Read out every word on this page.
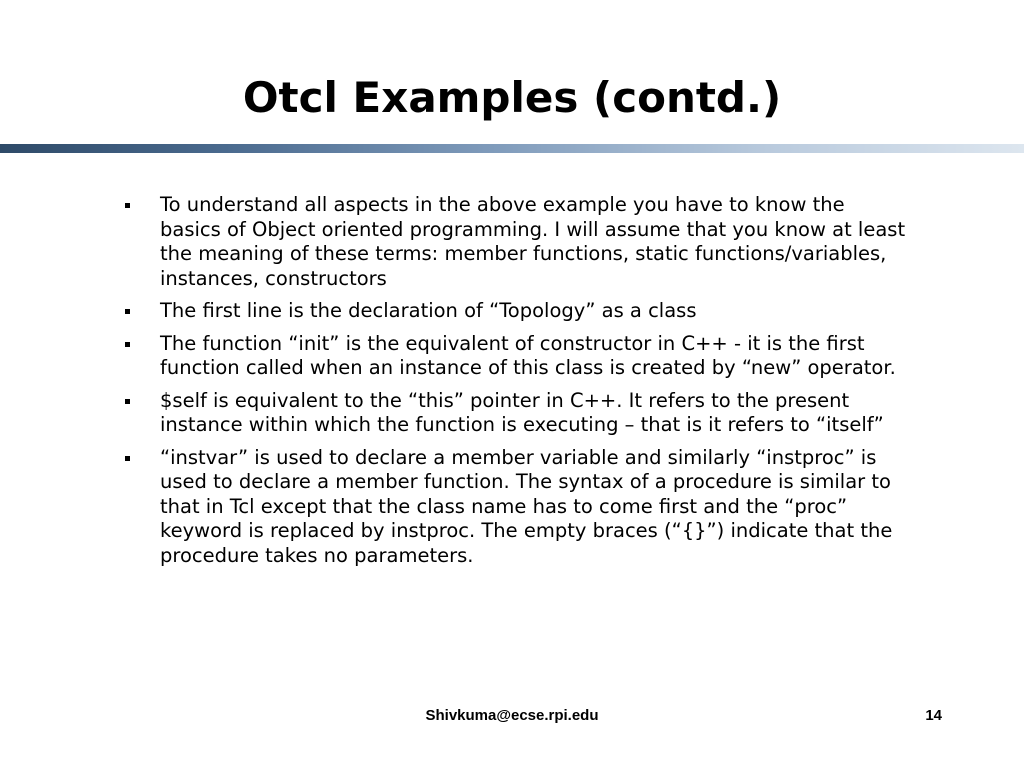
Otcl Examples (contd.)
To understand all aspects in the above example you have to know the basics of Object oriented programming. I will assume that you know at least the meaning of these terms: member functions, static functions/variables, instances, constructors
The first line is the declaration of “Topology” as a class
The function “init” is the equivalent of constructor in C++ - it is the first function called when an instance of this class is created by “new” operator.
$self is equivalent to the “this” pointer in C++. It refers to the present instance within which the function is executing – that is it refers to “itself”
“instvar” is used to declare a member variable and similarly “instproc” is used to declare a member function. The syntax of a procedure is similar to that in Tcl except that the class name has to come first and the “proc” keyword is replaced by instproc. The empty braces (“{}”) indicate that the procedure takes no parameters.
Shivkuma@ecse.rpi.edu	14
